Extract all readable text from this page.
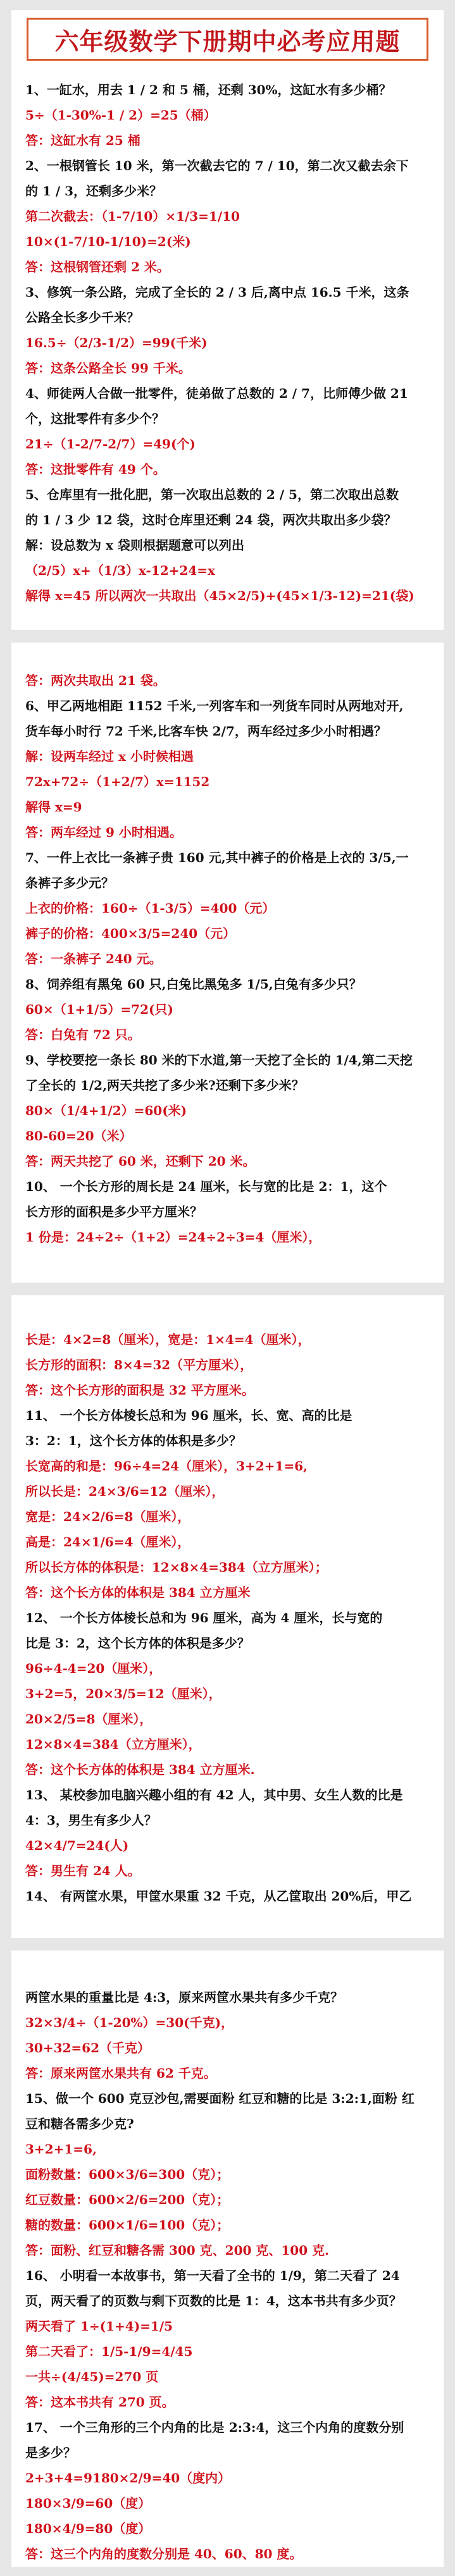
六年级数学下册期中必考应用题

1、一缸水，用去 1 / 2 和 5 桶，还剩 30%，这缸水有多少桶？

5÷（1-30%-1 / 2）=25（桶）

答：这缸水有 25 桶

2、一根钢管长 10 米，第一次截去它的 7 / 10，第二次又截去余下

的 1 / 3，还剩多少米？

第二次截去：（1-7/10）×1/3=1/10

10×(1-7/10-1/10)=2(米)

答：这根钢管还剩 2 米。

3、修筑一条公路，完成了全长的 2 / 3 后,离中点 16.5 千米，这条

公路全长多少千米？

16.5÷（2/3-1/2）=99(千米)

答：这条公路全长 99 千米。

4、师徒两人合做一批零件，徒弟做了总数的 2 / 7，比师傅少做 21

个，这批零件有多少个？

21÷（1-2/7-2/7）=49(个)

答：这批零件有 49 个。

5、仓库里有一批化肥，第一次取出总数的 2 / 5，第二次取出总数

的 1 / 3 少 12 袋，这时仓库里还剩 24 袋，两次共取出多少袋？

解：设总数为 x 袋则根据题意可以列出

（2/5）x+（1/3）x-12+24=x

解得 x=45 所以两次一共取出（45×2/5)+(45×1/3-12)=21(袋)

答：两次共取出 21 袋。

6、甲乙两地相距 1152 千米,一列客车和一列货车同时从两地对开,

货车每小时行 72 千米,比客车快 2/7，两车经过多少小时相遇？

解：设两车经过 x 小时候相遇

72x+72÷（1+2/7）x=1152

解得 x=9

答：两车经过 9 小时相遇。

7、一件上衣比一条裤子贵 160 元,其中裤子的价格是上衣的 3/5,一

条裤子多少元？

上衣的价格：160÷（1-3/5）=400（元）

裤子的价格：400×3/5=240（元）

答：一条裤子 240 元。

8、饲养组有黑兔 60 只,白兔比黑兔多 1/5,白兔有多少只？

60×（1+1/5）=72(只)

答：白兔有 72 只。

9、学校要挖一条长 80 米的下水道,第一天挖了全长的 1/4,第二天挖

了全长的 1/2,两天共挖了多少米?还剩下多少米？

80×（1/4+1/2）=60(米)

80-60=20（米）

答：两天共挖了 60 米，还剩下 20 米。

10、 一个长方形的周长是 24 厘米，长与宽的比是 2：1，这个

长方形的面积是多少平方厘米？

1 份是：24÷2÷（1+2）=24÷2÷3=4（厘米），

长是：4×2=8（厘米），宽是：1×4=4（厘米），

长方形的面积：8×4=32（平方厘米），

答：这个长方形的面积是 32 平方厘米。

11、 一个长方体棱长总和为 96 厘米，长、宽、高的比是

3：2：1，这个长方体的体积是多少？

长宽高的和是：96÷4=24（厘米），3+2+1=6,

所以长是：24×3/6=12（厘米），

宽是：24×2/6=8（厘米），

高是：24×1/6=4（厘米），

所以长方体的体积是：12×8×4=384（立方厘米）；

答：这个长方体的体积是 384 立方厘米

12、 一个长方体棱长总和为 96 厘米，高为 4 厘米，长与宽的

比是 3：2，这个长方体的体积是多少？

96÷4-4=20（厘米），

3+2=5，20×3/5=12（厘米），

20×2/5=8（厘米），

12×8×4=384（立方厘米），

答：这个长方体的体积是 384 立方厘米.

13、 某校参加电脑兴趣小组的有 42 人，其中男、女生人数的比是

4：3，男生有多少人？

42×4/7=24(人)

答：男生有 24 人。

14、 有两筐水果，甲筐水果重 32 千克，从乙筐取出 20%后，甲乙

两筐水果的重量比是 4:3，原来两筐水果共有多少千克？

32×3/4÷（1-20%）=30(千克)，

30+32=62（千克）

答：原来两筐水果共有 62 千克。

15、做一个 600 克豆沙包,需要面粉 红豆和糖的比是 3:2:1,面粉 红

豆和糖各需多少克?

3+2+1=6,

面粉数量：600×3/6=300（克）；

红豆数量：600×2/6=200（克）；

糖的数量：600×1/6=100（克）；

答：面粉、红豆和糖各需 300 克、200 克、100 克.

16、 小明看一本故事书，第一天看了全书的 1/9，第二天看了 24

页，两天看了的页数与剩下页数的比是 1：4，这本书共有多少页？

两天看了 1÷(1+4)=1/5

第二天看了：1/5-1/9=4/45

一共÷(4/45)=270 页

答：这本书共有 270 页。

17、 一个三角形的三个内角的比是 2:3:4，这三个内角的度数分别

是多少？

2+3+4=9180×2/9=40（度内）

180×3/9=60（度）

180×4/9=80（度）

答：这三个内角的度数分别是 40、60、80 度。
